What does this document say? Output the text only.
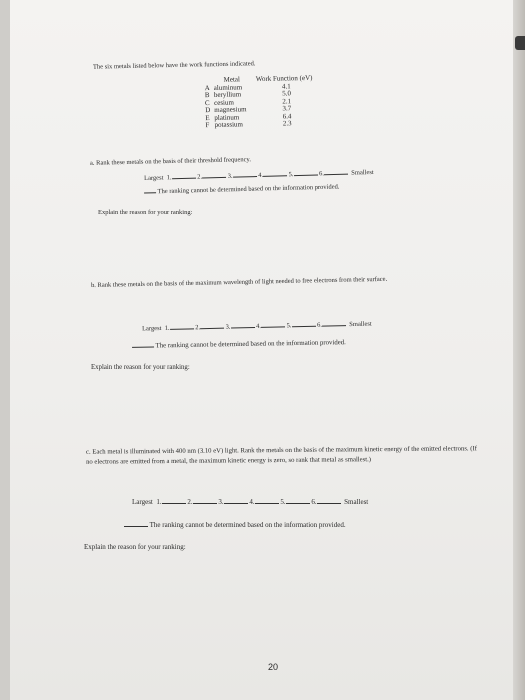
The six metals listed below have the work functions indicated.
	Metal	Work Function (eV)
A	aluminum	4.1
B	beryllium	5.0
C	cesium	2.1
D	magnesium	3.7
E	platinum	6.4
F	potassium	2.3
a. Rank these metals on the basis of their threshold frequency.
Largest 1.	2.	3.	4.	5.	6.	Smallest
The ranking cannot be determined based on the information provided.
Explain the reason for your ranking:
b. Rank these metals on the basis of the maximum wavelength of light needed to free electrons from their surface.
Largest 1.	2.	3.	4.	5.	6.	Smallest
The ranking cannot be determined based on the information provided.
Explain the reason for your ranking:
c. Each metal is illuminated with 400 nm (3.10 eV) light. Rank the metals on the basis of the maximum kinetic energy of the emitted electrons. (If no electrons are emitted from a metal, the maximum kinetic energy is zero, so rank that metal as smallest.)
Largest 1.	2.	3.	4.	5.	6.	Smallest
The ranking cannot be determined based on the information provided.
Explain the reason for your ranking:
20
